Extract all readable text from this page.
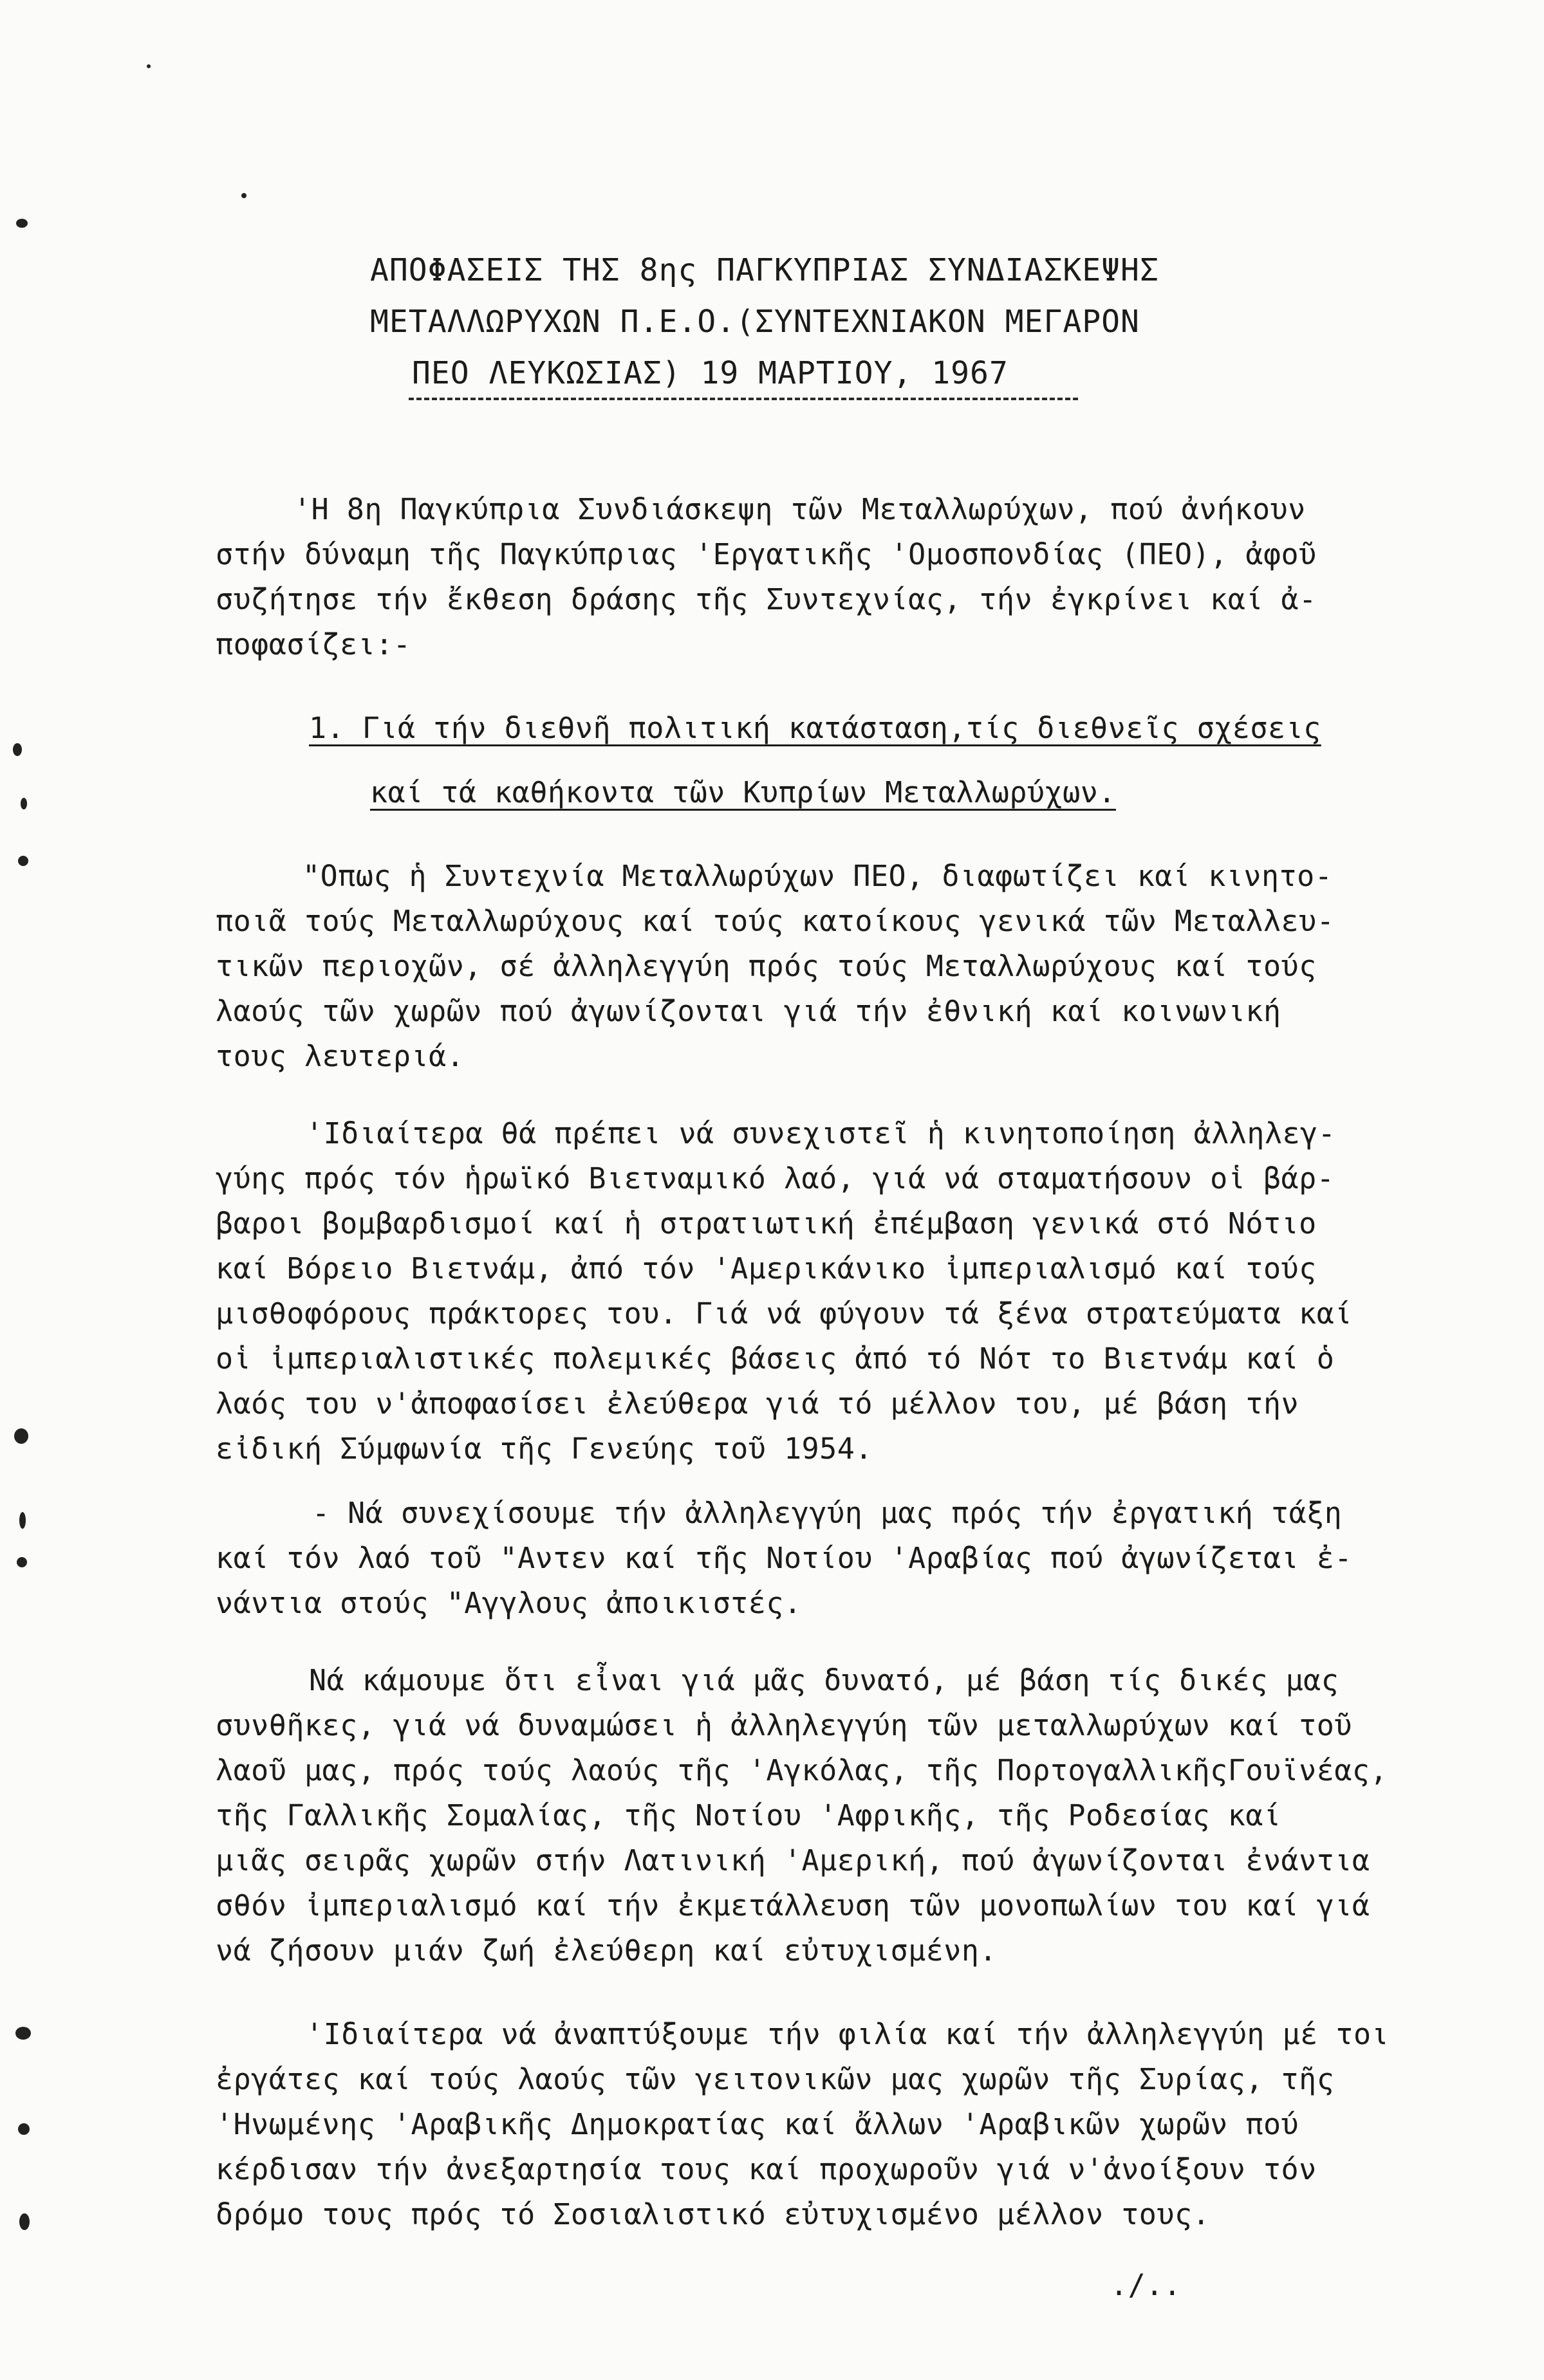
ΑΠΟΦΑΣΕΙΣ ΤΗΣ 8ης ΠΑΓΚΥΠΡΙΑΣ ΣΥΝΔΙΑΣΚΕΨΗΣ
ΜΕΤΑΛΛΩΡΥΧΩΝ Π.Ε.Ο.(ΣΥΝΤΕΧΝΙΑΚΟΝ ΜΕΓΑΡΟΝ
ΠΕΟ ΛΕΥΚΩΣΙΑΣ) 19 ΜΑΡΤΙΟΥ, 1967
'Η 8η Παγκύπρια Συνδιάσκεψη τῶν Μεταλλωρύχων, πού ἀνήκουν
στήν δύναμη τῆς Παγκύπριας 'Εργατικῆς 'Ομοσπονδίας (ΠΕΟ), ἀφοῦ
συζήτησε τήν ἔκθεση δράσης τῆς Συντεχνίας, τήν ἐγκρίνει καί ἀ-
ποφασίζει:-
1. Γιά τήν διεθνῆ πολιτική κατάσταση,τίς διεθνεῖς σχέσεις
καί τά καθήκοντα τῶν Κυπρίων Μεταλλωρύχων.
"Οπως ἡ Συντεχνία Μεταλλωρύχων ΠΕΟ, διαφωτίζει καί κινητο-
ποιᾶ τούς Μεταλλωρύχους καί τούς κατοίκους γενικά τῶν Μεταλλευ-
τικῶν περιοχῶν, σέ ἀλληλεγγύη πρός τούς Μεταλλωρύχους καί τούς
λαούς τῶν χωρῶν πού ἀγωνίζονται γιά τήν ἐθνική καί κοινωνική
τους λευτεριά.
'Ιδιαίτερα θά πρέπει νά συνεχιστεῖ ἡ κινητοποίηση ἀλληλεγ-
γύης πρός τόν ἡρωϊκό Βιετναμικό λαό, γιά νά σταματήσουν οἱ βάρ-
βαροι βομβαρδισμοί καί ἡ στρατιωτική ἐπέμβαση γενικά στό Νότιο
καί Βόρειο Βιετνάμ, ἀπό τόν 'Αμερικάνικο ἰμπεριαλισμό καί τούς
μισθοφόρους πράκτορες του. Γιά νά φύγουν τά ξένα στρατεύματα καί
οἱ ἰμπεριαλιστικές πολεμικές βάσεις ἀπό τό Νότ το Βιετνάμ καί ὁ
λαός του ν'ἀποφασίσει ἐλεύθερα γιά τό μέλλον του, μέ βάση τήν
εἰδική Σύμφωνία τῆς Γενεύης τοῦ 1954.
- Νά συνεχίσουμε τήν ἀλληλεγγύη μας πρός τήν ἐργατική τάξη
καί τόν λαό τοῦ "Αντεν καί τῆς Νοτίου 'Αραβίας πού ἀγωνίζεται ἐ-
νάντια στούς "Αγγλους ἀποικιστές.
Νά κάμουμε ὅτι εἶναι γιά μᾶς δυνατό, μέ βάση τίς δικές μας
συνθῆκες, γιά νά δυναμώσει ἡ ἀλληλεγγύη τῶν μεταλλωρύχων καί τοῦ
λαοῦ μας, πρός τούς λαούς τῆς 'Αγκόλας, τῆς ΠορτογαλλικῆςΓουϊνέας,
τῆς Γαλλικῆς Σομαλίας, τῆς Νοτίου 'Αφρικῆς, τῆς Ροδεσίας καί
μιᾶς σειρᾶς χωρῶν στήν Λατινική 'Αμερική, πού ἀγωνίζονται ἐνάντια
σθόν ἰμπεριαλισμό καί τήν ἐκμετάλλευση τῶν μονοπωλίων του καί γιά
νά ζήσουν μιάν ζωή ἐλεύθερη καί εὐτυχισμένη.
'Ιδιαίτερα νά ἀναπτύξουμε τήν φιλία καί τήν ἀλληλεγγύη μέ τοι
ἐργάτες καί τούς λαούς τῶν γειτονικῶν μας χωρῶν τῆς Συρίας, τῆς
'Ηνωμένης 'Αραβικῆς Δημοκρατίας καί ἄλλων 'Αραβικῶν χωρῶν πού
κέρδισαν τήν ἀνεξαρτησία τους καί προχωροῦν γιά ν'ἀνοίξουν τόν
δρόμο τους πρός τό Σοσιαλιστικό εὐτυχισμένο μέλλον τους.
./..
